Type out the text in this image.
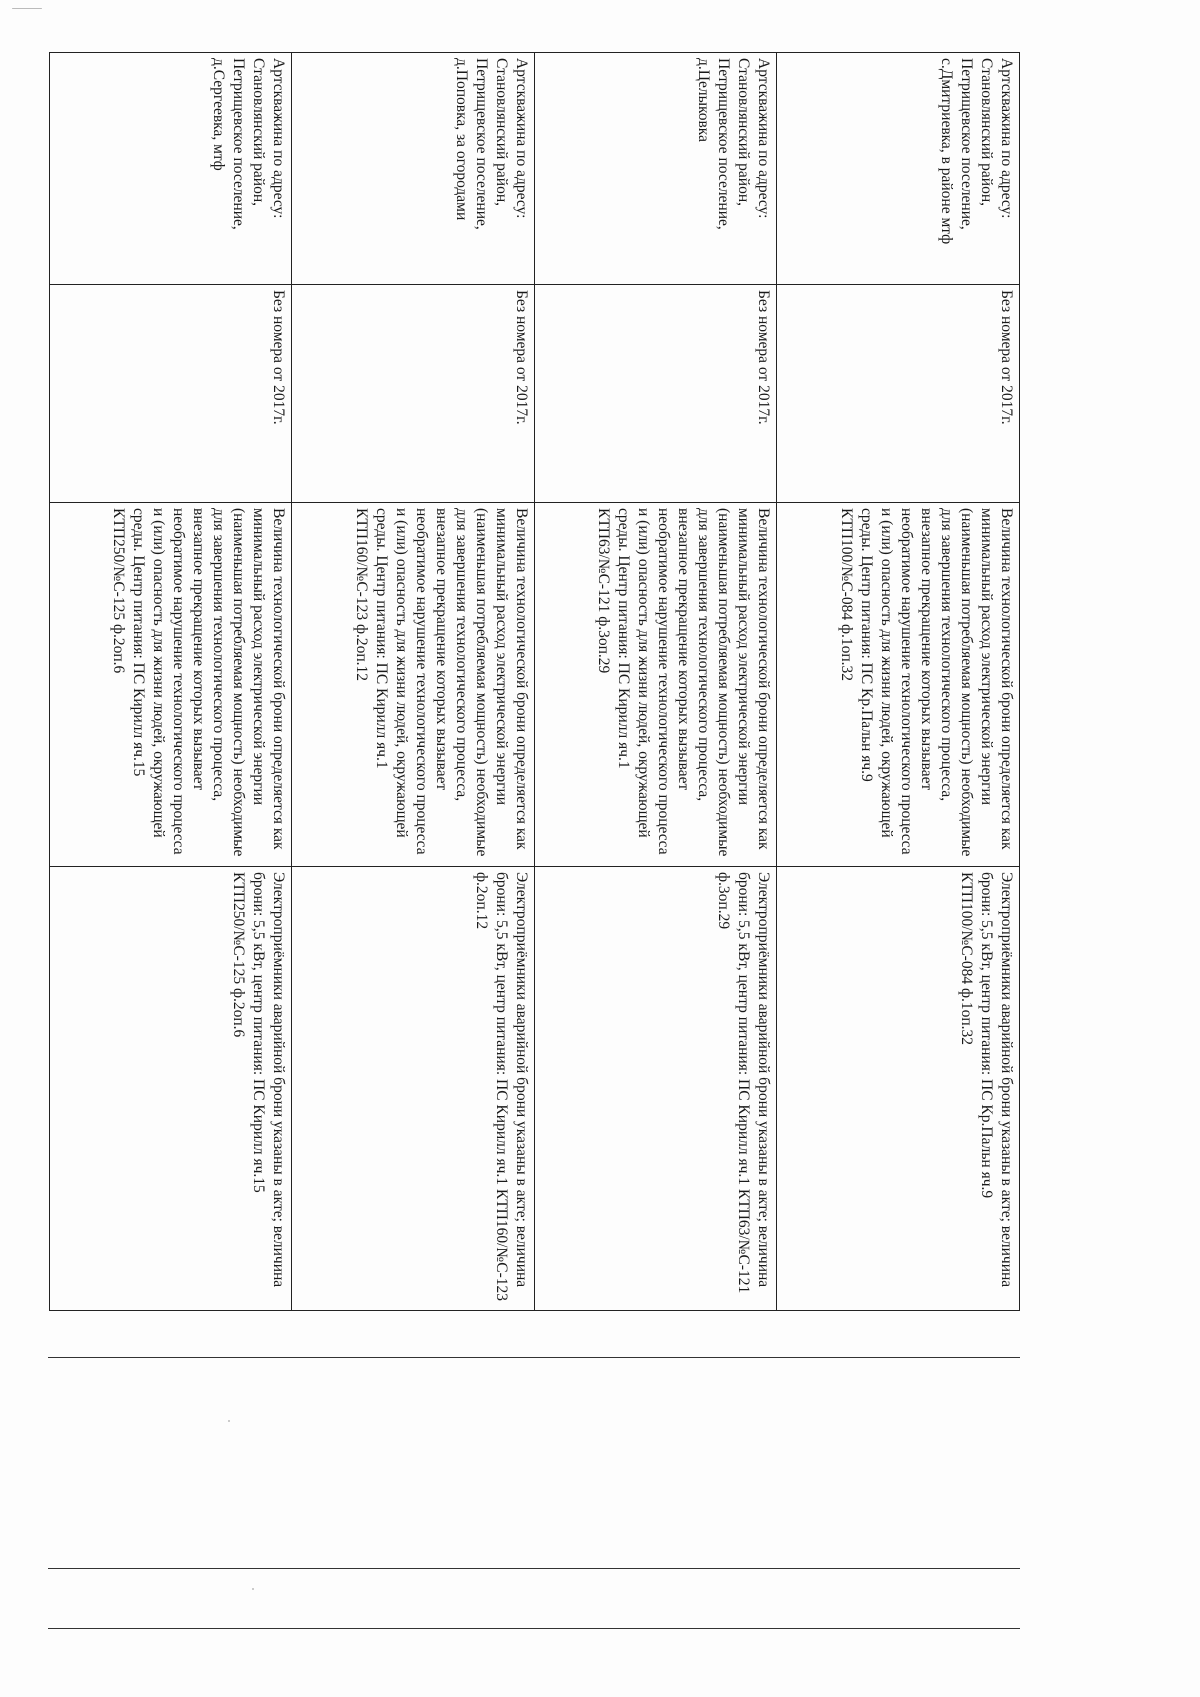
Артскважина по адресу: Становлянский район, Петрищевское поселение, с.Дмитриевка, в районе мтф	Без номера от 2017г.	Величина технологической брони определяется как минимальный расход электрической энергии (наименьшая потребляемая мощность) необходимые для завершения технологического процесса, внезапное прекращение которых вызывает необратимое нарушение технологического процесса и (или) опасность для жизни людей, окружающей среды. Центр питания: ПС Кр.Пальн яч.9 КТП100/№С-084 ф.1оп.32	Электроприёмники аварийной брони указаны в акте; величина брони: 5,5 кВт, центр питания: ПС Кр.Пальн яч.9 КТП100/№С-084 ф.1оп.32
Артскважина по адресу: Становлянский район, Петрищевское поселение, д.Целыковка	Без номера от 2017г.	Величина технологической брони определяется как минимальный расход электрической энергии (наименьшая потребляемая мощность) необходимые для завершения технологического процесса, внезапное прекращение которых вызывает необратимое нарушение технологического процесса и (или) опасность для жизни людей, окружающей среды. Центр питания: ПС Кирилл яч.1 КТП63/№С-121 ф.3оп.29	Электроприёмники аварийной брони указаны в акте; величина брони: 5,5 кВт, центр питания: ПС Кирилл яч.1 КТП63/№С-121 ф.3оп.29
Артскважина по адресу: Становлянский район, Петрищевское поселение, д.Поповка, за огородами	Без номера от 2017г.	Величина технологической брони определяется как минимальный расход электрической энергии (наименьшая потребляемая мощность) необходимые для завершения технологического процесса, внезапное прекращение которых вызывает необратимое нарушение технологического процесса и (или) опасность для жизни людей, окружающей среды. Центр питания: ПС Кирилл яч.1 КТП160/№С-123 ф.2оп.12	Электроприёмники аварийной брони указаны в акте; величина брони: 5,5 кВт, центр питания: ПС Кирилл яч.1 КТП160/№С-123 ф.2оп.12
Артскважина по адресу: Становлянский район, Петрищевское поселение, д.Сергеевка, мтф	Без номера от 2017г.	Величина технологической брони определяется как минимальный расход электрической энергии (наименьшая потребляемая мощность) необходимые для завершения технологического процесса, внезапное прекращение которых вызывает необратимое нарушение технологического процесса и (или) опасность для жизни людей, окружающей среды. Центр питания: ПС Кирилл яч.15 КТП250/№С-125 ф.2оп.6	Электроприёмники аварийной брони указаны в акте; величина брони: 5,5 кВт, центр питания: ПС Кирилл яч.15 КТП250/№С-125 ф.2оп.6
